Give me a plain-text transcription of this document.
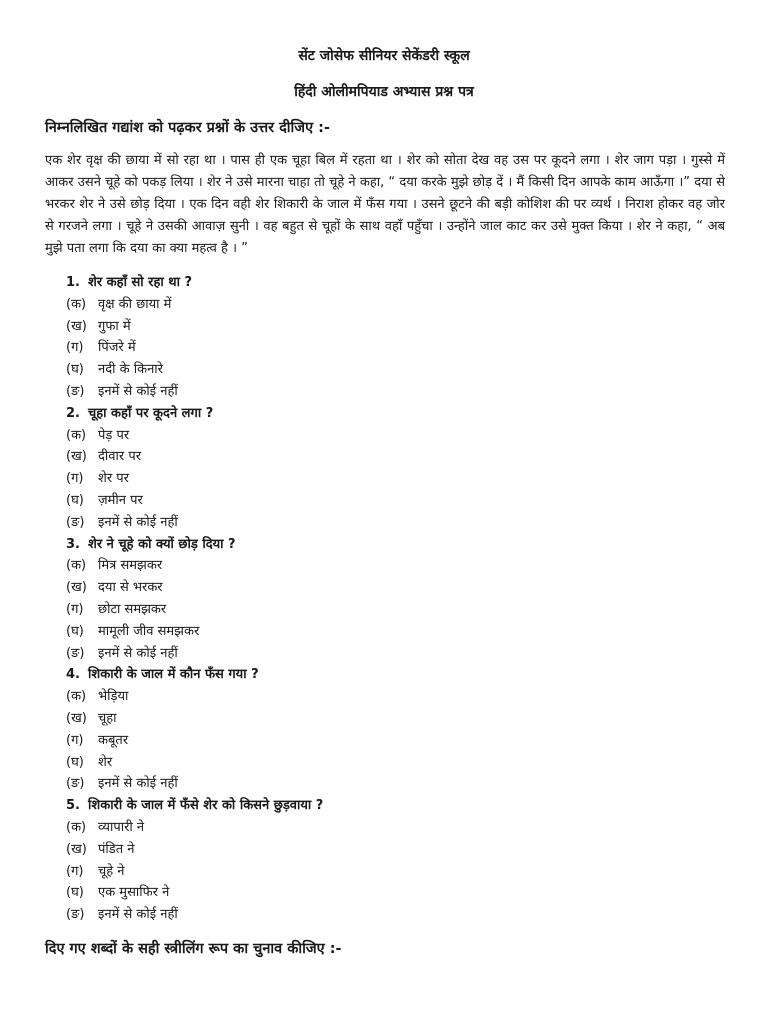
सेंट जोसेफ सीनियर सेकेंडरी स्कूल
हिंदी ओलीमपियाड अभ्यास प्रश्न पत्र
निम्नलिखित गद्यांश को पढ़कर प्रश्नों के उत्तर दीजिए :-
एक शेर वृक्ष की छाया में सो रहा था । पास ही एक चूहा बिल में रहता था । शेर को सोता देख वह उस पर कूदने लगा । शेर जाग पड़ा । गुस्से में आकर उसने चूहे को पकड़ लिया । शेर ने उसे मारना चाहा तो चूहे ने कहा, “ दया करके मुझे छोड़ दें । मैं किसी दिन आपके काम आऊँगा ।” दया से भरकर शेर ने उसे छोड़ दिया । एक दिन वही शेर शिकारी के जाल में फँस गया । उसने छूटने की बड़ी कोशिश की पर व्यर्थ । निराश होकर वह जोर से गरजने लगा । चूहे ने उसकी आवाज़ सुनी । वह बहुत से चूहों के साथ वहाँ पहुँचा । उन्होंने जाल काट कर उसे मुक्त किया । शेर ने कहा, “ अब मुझे पता लगा कि दया का क्या महत्व है । ”
1. शेर कहाँ सो रहा था ?
(क) वृक्ष की छाया में
(ख) गुफा में
(ग) पिंजरे में
(घ) नदी के किनारे
(ङ) इनमें से कोई नहीं
2. चूहा कहाँ पर कूदने लगा ?
(क) पेड़ पर
(ख) दीवार पर
(ग) शेर पर
(घ) ज़मीन पर
(ङ) इनमें से कोई नहीं
3. शेर ने चूहे को क्यों छोड़ दिया ?
(क) मित्र समझकर
(ख) दया से भरकर
(ग) छोटा समझकर
(घ) मामूली जीव समझकर
(ङ) इनमें से कोई नहीं
4. शिकारी के जाल में कौन फँस गया ?
(क) भेड़िया
(ख) चूहा
(ग) कबूतर
(घ) शेर
(ङ) इनमें से कोई नहीं
5. शिकारी के जाल में फँसे शेर को किसने छुड़वाया ?
(क) व्यापारी ने
(ख) पंडित ने
(ग) चूहे ने
(घ) एक मुसाफिर ने
(ङ) इनमें से कोई नहीं
दिए गए शब्दों के सही स्त्रीलिंग रूप का चुनाव कीजिए :-
